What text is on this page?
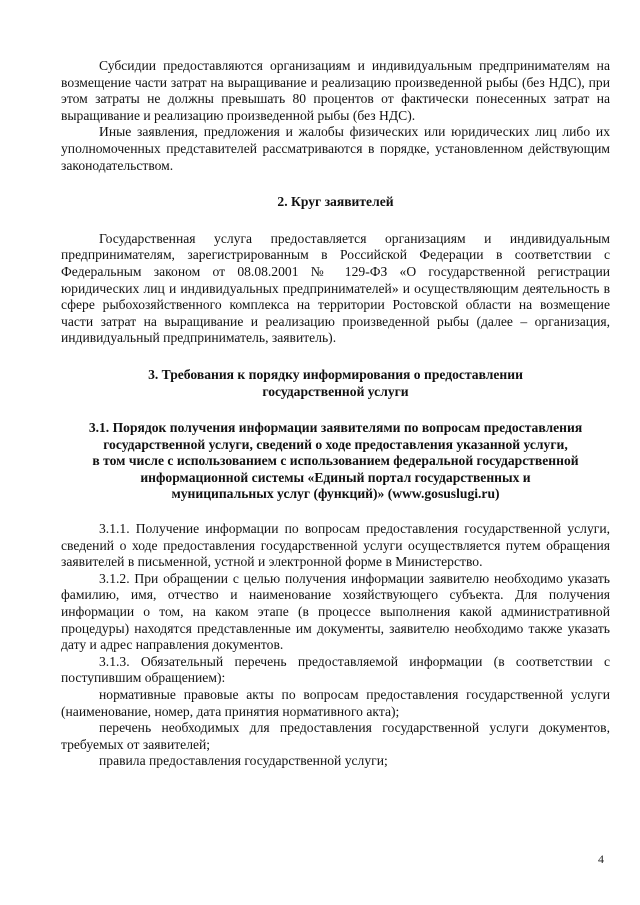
Субсидии предоставляются организациям и индивидуальным предпринимателям на возмещение части затрат на выращивание и реализацию произведенной рыбы (без НДС), при этом затраты не должны превышать 80 процентов от фактически понесенных затрат на выращивание и реализацию произведенной рыбы (без НДС).

Иные заявления, предложения и жалобы физических или юридических лиц либо их уполномоченных представителей рассматриваются в порядке, установленном действующим законодательством.

2. Круг заявителей

Государственная услуга предоставляется организациям и индивидуальным предпринимателям, зарегистрированным в Российской Федерации в соответствии с Федеральным законом от 08.08.2001 № 129-ФЗ «О государственной регистрации юридических лиц и индивидуальных предпринимателей» и осуществляющим деятельность в сфере рыбохозяйственного комплекса на территории Ростовской области на возмещение части затрат на выращивание и реализацию произведенной рыбы (далее – организация, индивидуальный предприниматель, заявитель).

3. Требования к порядку информирования о предоставлении
государственной услуги
3.1. Порядок получения информации заявителями по вопросам предоставления
государственной услуги, сведений о ходе предоставления указанной услуги,
в том числе с использованием с использованием федеральной государственной
информационной системы «Единый портал государственных и
муниципальных услуг (функций)» (www.gosuslugi.ru)

3.1.1. Получение информации по вопросам предоставления государственной услуги, сведений о ходе предоставления государственной услуги осуществляется путем обращения заявителей в письменной, устной и электронной форме в Министерство.

3.1.2. При обращении с целью получения информации заявителю необходимо указать фамилию, имя, отчество и наименование хозяйствующего субъекта. Для получения информации о том, на каком этапе (в процессе выполнения какой административной процедуры) находятся представленные им документы, заявителю необходимо также указать дату и адрес направления документов.

3.1.3. Обязательный перечень предоставляемой информации (в соответствии с поступившим обращением):

нормативные правовые акты по вопросам предоставления государственной услуги (наименование, номер, дата принятия нормативного акта);

перечень необходимых для предоставления государственной услуги документов, требуемых от заявителей;

правила предоставления государственной услуги;

4
